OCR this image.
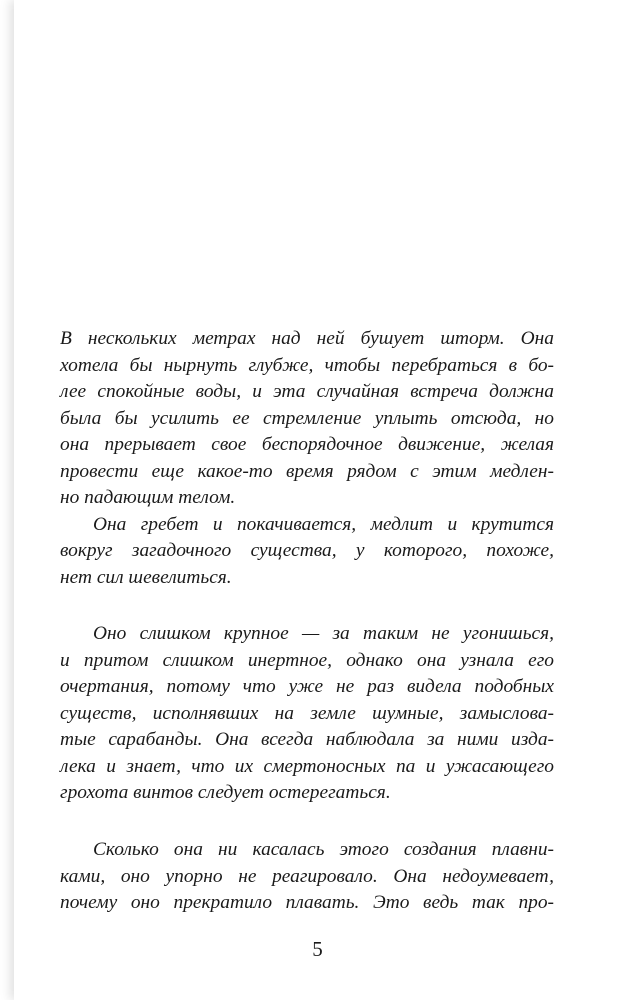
В нескольких метрах над ней бушует шторм. Она
хотела бы нырнуть глубже, чтобы перебраться в бо-
лее спокойные воды, и эта случайная встреча должна
была бы усилить ее стремление уплыть отсюда, но
она прерывает свое беспорядочное движение, желая
провести еще какое-то время рядом с этим медлен-
но падающим телом.
Она гребет и покачивается, медлит и крутится
вокруг загадочного существа, у которого, похоже,
нет сил шевелиться.
Оно слишком крупное — за таким не угонишься,
и притом слишком инертное, однако она узнала его
очертания, потому что уже не раз видела подобных
существ, исполнявших на земле шумные, замыслова-
тые сарабанды. Она всегда наблюдала за ними изда-
лека и знает, что их смертоносных па и ужасающего
грохота винтов следует остерегаться.
Сколько она ни касалась этого создания плавни-
ками, оно упорно не реагировало. Она недоумевает,
почему оно прекратило плавать. Это ведь так про-
5
